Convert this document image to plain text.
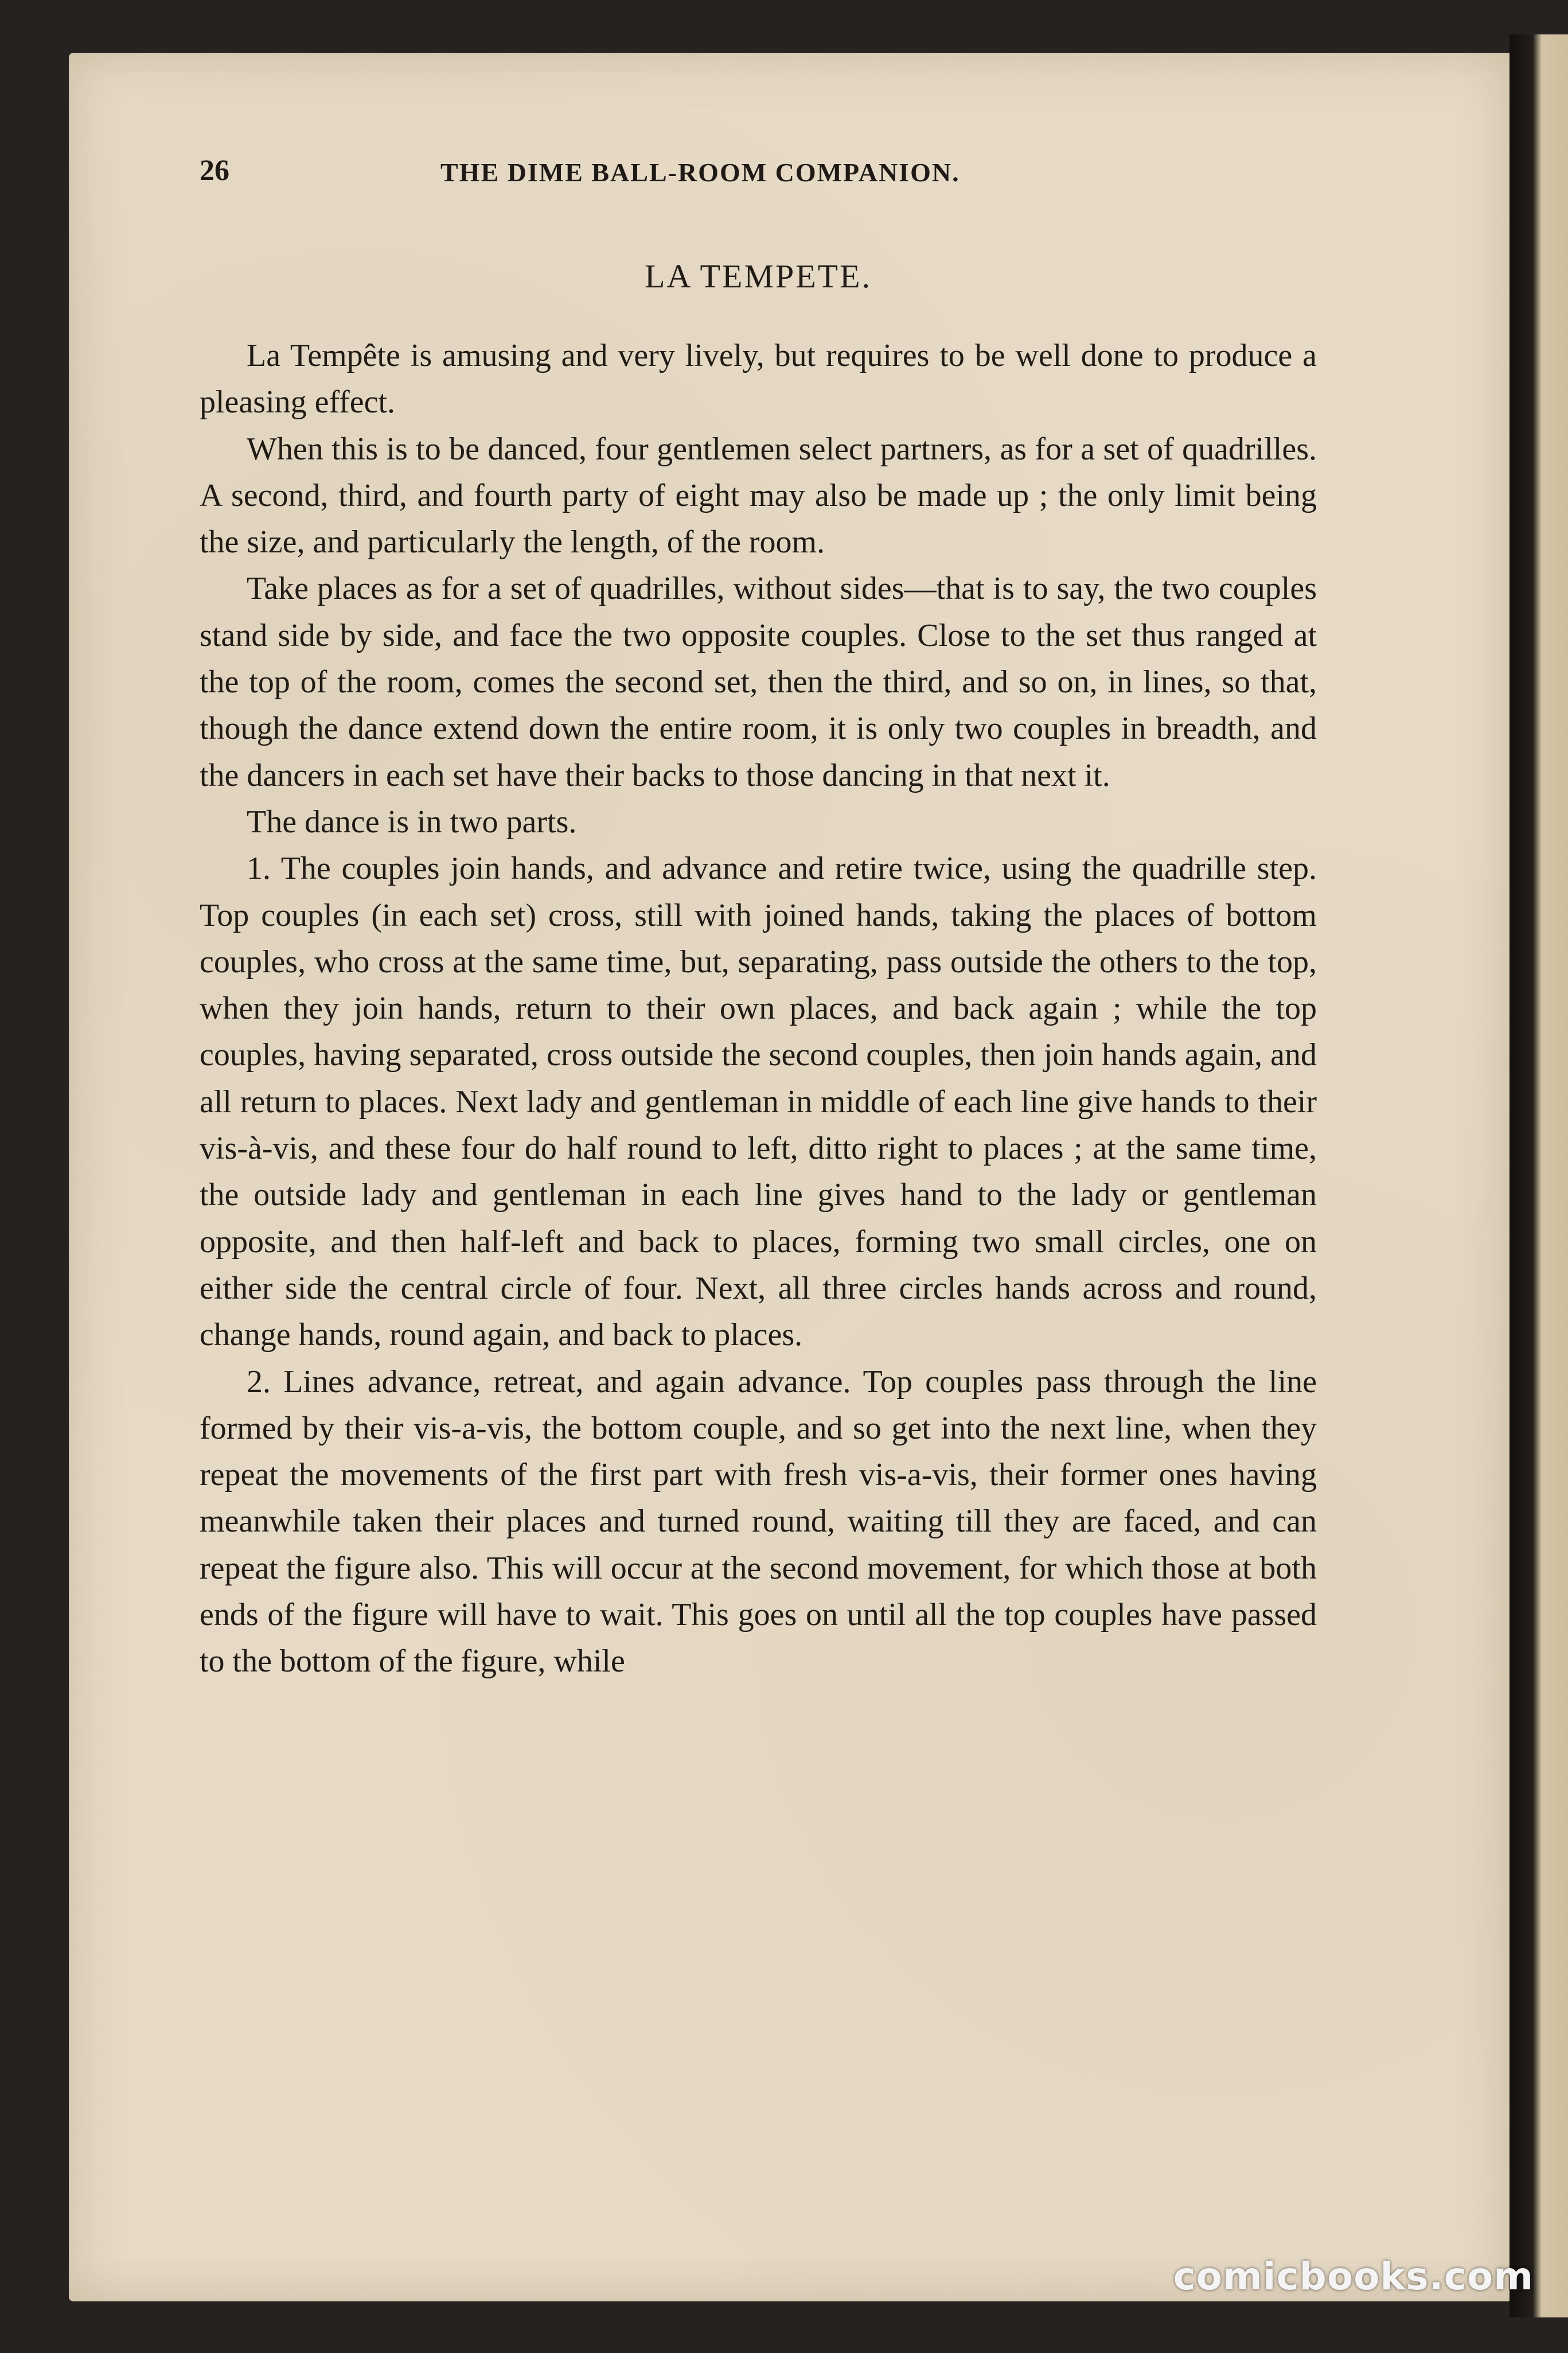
26	THE DIME BALL-ROOM COMPANION.
LA TEMPETE.

La Tempête is amusing and very lively, but requires to be well done to produce a pleasing effect.

When this is to be danced, four gentlemen select partners, as for a set of quadrilles. A second, third, and fourth party of eight may also be made up ; the only limit being the size, and particularly the length, of the room.

Take places as for a set of quadrilles, without sides—that is to say, the two couples stand side by side, and face the two opposite couples. Close to the set thus ranged at the top of the room, comes the second set, then the third, and so on, in lines, so that, though the dance extend down the entire room, it is only two couples in breadth, and the dancers in each set have their backs to those dancing in that next it.

The dance is in two parts.

1. The couples join hands, and advance and retire twice, using the quadrille step. Top couples (in each set) cross, still with joined hands, taking the places of bottom couples, who cross at the same time, but, separating, pass outside the others to the top, when they join hands, return to their own places, and back again ; while the top couples, having separated, cross outside the second couples, then join hands again, and all return to places. Next lady and gentleman in middle of each line give hands to their vis-à-vis, and these four do half round to left, ditto right to places ; at the same time, the outside lady and gentleman in each line gives hand to the lady or gentleman opposite, and then half-left and back to places, forming two small circles, one on either side the central circle of four. Next, all three circles hands across and round, change hands, round again, and back to places.

2. Lines advance, retreat, and again advance. Top couples pass through the line formed by their vis-a-vis, the bottom couple, and so get into the next line, when they repeat the movements of the first part with fresh vis-a-vis, their former ones having meanwhile taken their places and turned round, waiting till they are faced, and can repeat the figure also. This will occur at the second movement, for which those at both ends of the figure will have to wait. This goes on until all the top couples have passed to the bottom of the figure, while

comicbooks.com
